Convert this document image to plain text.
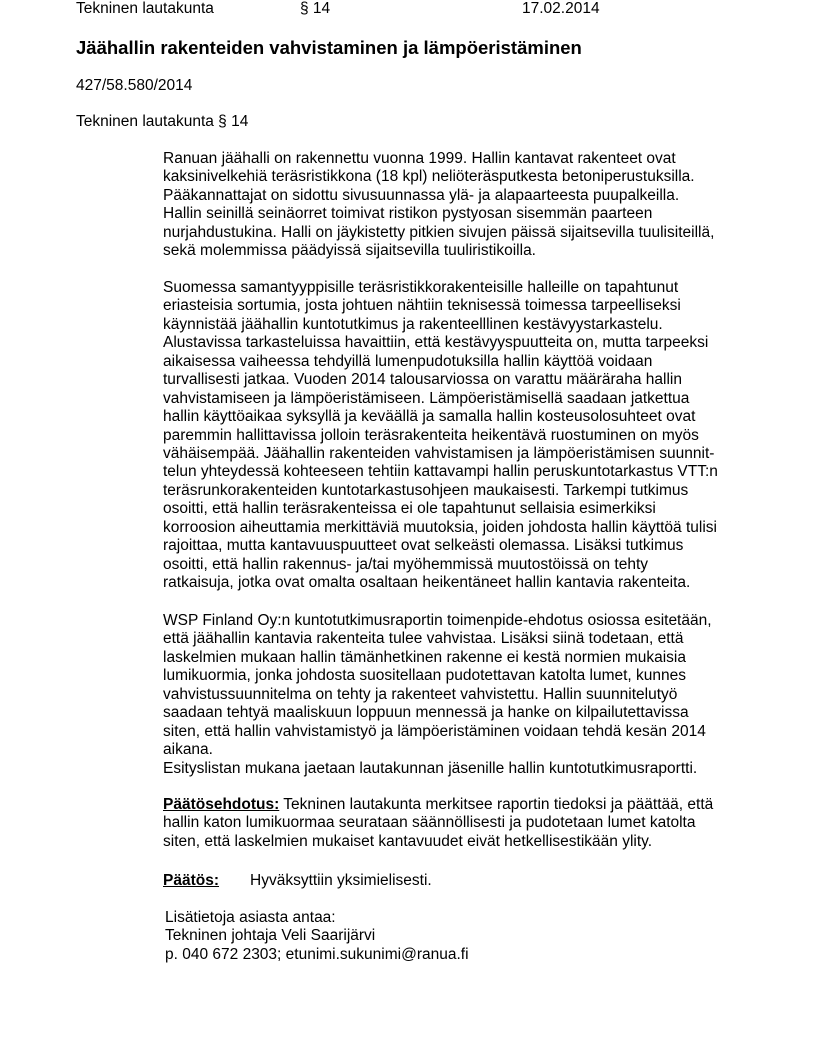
Tekninen lautakunta	§ 14	17.02.2014
Jäähallin rakenteiden vahvistaminen ja lämpöeristäminen
427/58.580/2014
Tekninen lautakunta § 14
Ranuan jäähalli on rakennettu vuonna 1999. Hallin kantavat rakenteet ovat
kaksinivelkehiä teräsristikkona (18 kpl) neliöteräsputkesta betoniperustuksilla.
Pääkannattajat on sidottu sivusuunnassa ylä- ja alapaarteesta puupalkeilla.
Hallin seinillä seinäorret toimivat ristikon pystyosan sisemmän paarteen
nurjahdustukina. Halli on jäykistetty pitkien sivujen päissä sijaitsevilla tuulisiteillä,
sekä molemmissa päädyissä sijaitsevilla tuuliristikoilla.
Suomessa samantyyppisille teräsristikkorakenteisille halleille on tapahtunut
eriasteisia sortumia, josta johtuen nähtiin teknisessä toimessa tarpeelliseksi
käynnistää jäähallin kuntotutkimus ja rakenteelllinen kestävyystarkastelu.
Alustavissa tarkasteluissa havaittiin, että kestävyyspuutteita on, mutta tarpeeksi
aikaisessa vaiheessa tehdyillä lumenpudotuksilla hallin käyttöä voidaan
turvallisesti jatkaa. Vuoden 2014 talousarviossa on varattu määräraha hallin
vahvistamiseen ja lämpöeristämiseen. Lämpöeristämisellä saadaan jatkettua
hallin käyttöaikaa syksyllä ja keväällä ja samalla hallin kosteusolosuhteet ovat
paremmin hallittavissa jolloin teräsrakenteita heikentävä ruostuminen on myös
vähäisempää. Jäähallin rakenteiden vahvistamisen ja lämpöeristämisen suunnit-
telun yhteydessä kohteeseen tehtiin kattavampi hallin peruskuntotarkastus VTT:n
teräsrunkorakenteiden kuntotarkastusohjeen maukaisesti. Tarkempi tutkimus
osoitti, että hallin teräsrakenteissa ei ole tapahtunut sellaisia esimerkiksi
korroosion aiheuttamia merkittäviä muutoksia, joiden johdosta hallin käyttöä tulisi
rajoittaa, mutta kantavuuspuutteet ovat selkeästi olemassa. Lisäksi tutkimus
osoitti, että hallin rakennus- ja/tai myöhemmissä muutostöissä on tehty
ratkaisuja, jotka ovat omalta osaltaan heikentäneet hallin kantavia rakenteita.
WSP Finland Oy:n kuntotutkimusraportin toimenpide-ehdotus osiossa esitetään,
että jäähallin kantavia rakenteita tulee vahvistaa. Lisäksi siinä todetaan, että
laskelmien mukaan hallin tämänhetkinen rakenne ei kestä normien mukaisia
lumikuormia, jonka johdosta suositellaan pudotettavan katolta lumet, kunnes
vahvistussuunnitelma on tehty ja rakenteet vahvistettu. Hallin suunnitelutyö
saadaan tehtyä maaliskuun loppuun mennessä ja hanke on kilpailutettavissa
siten, että hallin vahvistamistyö ja lämpöeristäminen voidaan tehdä kesän 2014
aikana.
Esityslistan mukana jaetaan lautakunnan jäsenille hallin kuntotutkimusraportti.
Päätösehdotus: Tekninen lautakunta merkitsee raportin tiedoksi ja päättää, että
hallin katon lumikuormaa seurataan säännöllisesti ja pudotetaan lumet katolta
siten, että laskelmien mukaiset kantavuudet eivät hetkellisestikään ylity.
Päätös: Hyväksyttiin yksimielisesti.
Lisätietoja asiasta antaa:
Tekninen johtaja Veli Saarijärvi
p. 040 672 2303; etunimi.sukunimi@ranua.fi
